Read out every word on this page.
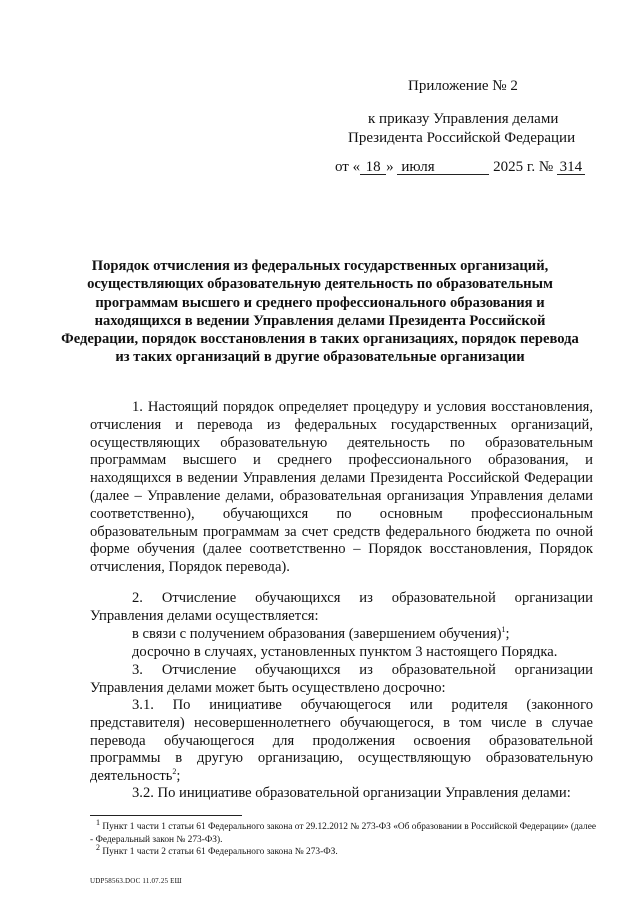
Приложение № 2
к приказу Управления делами
Президента Российской Федерации
от « 18 » июля	2025 г. № 314
Порядок отчисления из федеральных государственных организаций, осуществляющих образовательную деятельность по образовательным программам высшего и среднего профессионального образования и находящихся в ведении Управления делами Президента Российской Федерации, порядок восстановления в таких организациях, порядок перевода из таких организаций в другие образовательные организации
1. Настоящий порядок определяет процедуру и условия восстановления, отчисления и перевода из федеральных государственных организаций, осуществляющих образовательную деятельность по образовательным программам высшего и среднего профессионального образования, и находящихся в ведении Управления делами Президента Российской Федерации (далее – Управление делами, образовательная организация Управления делами соответственно), обучающихся по основным профессиональным образовательным программам за счет средств федерального бюджета по очной форме обучения (далее соответственно – Порядок восстановления, Порядок отчисления, Порядок перевода).
2. Отчисление обучающихся из образовательной организации Управления делами осуществляется:
в связи с получением образования (завершением обучения)$^1$;
досрочно в случаях, установленных пунктом 3 настоящего Порядка.
3. Отчисление обучающихся из образовательной организации Управления делами может быть осуществлено досрочно:
3.1. По инициативе обучающегося или родителя (законного представителя) несовершеннолетнего обучающегося, в том числе в случае перевода обучающегося для продолжения освоения образовательной программы в другую организацию, осуществляющую образовательную деятельность$^2$;
3.2. По инициативе образовательной организации Управления делами:
$^1$ Пункт 1 части 1 статьи 61 Федерального закона от 29.12.2012 № 273-ФЗ «Об образовании в Российской Федерации» (далее - Федеральный закон № 273-ФЗ).
$^2$ Пункт 1 части 2 статьи 61 Федерального закона № 273-ФЗ.
UDP58563.DOC 11.07.25 ЕШ
